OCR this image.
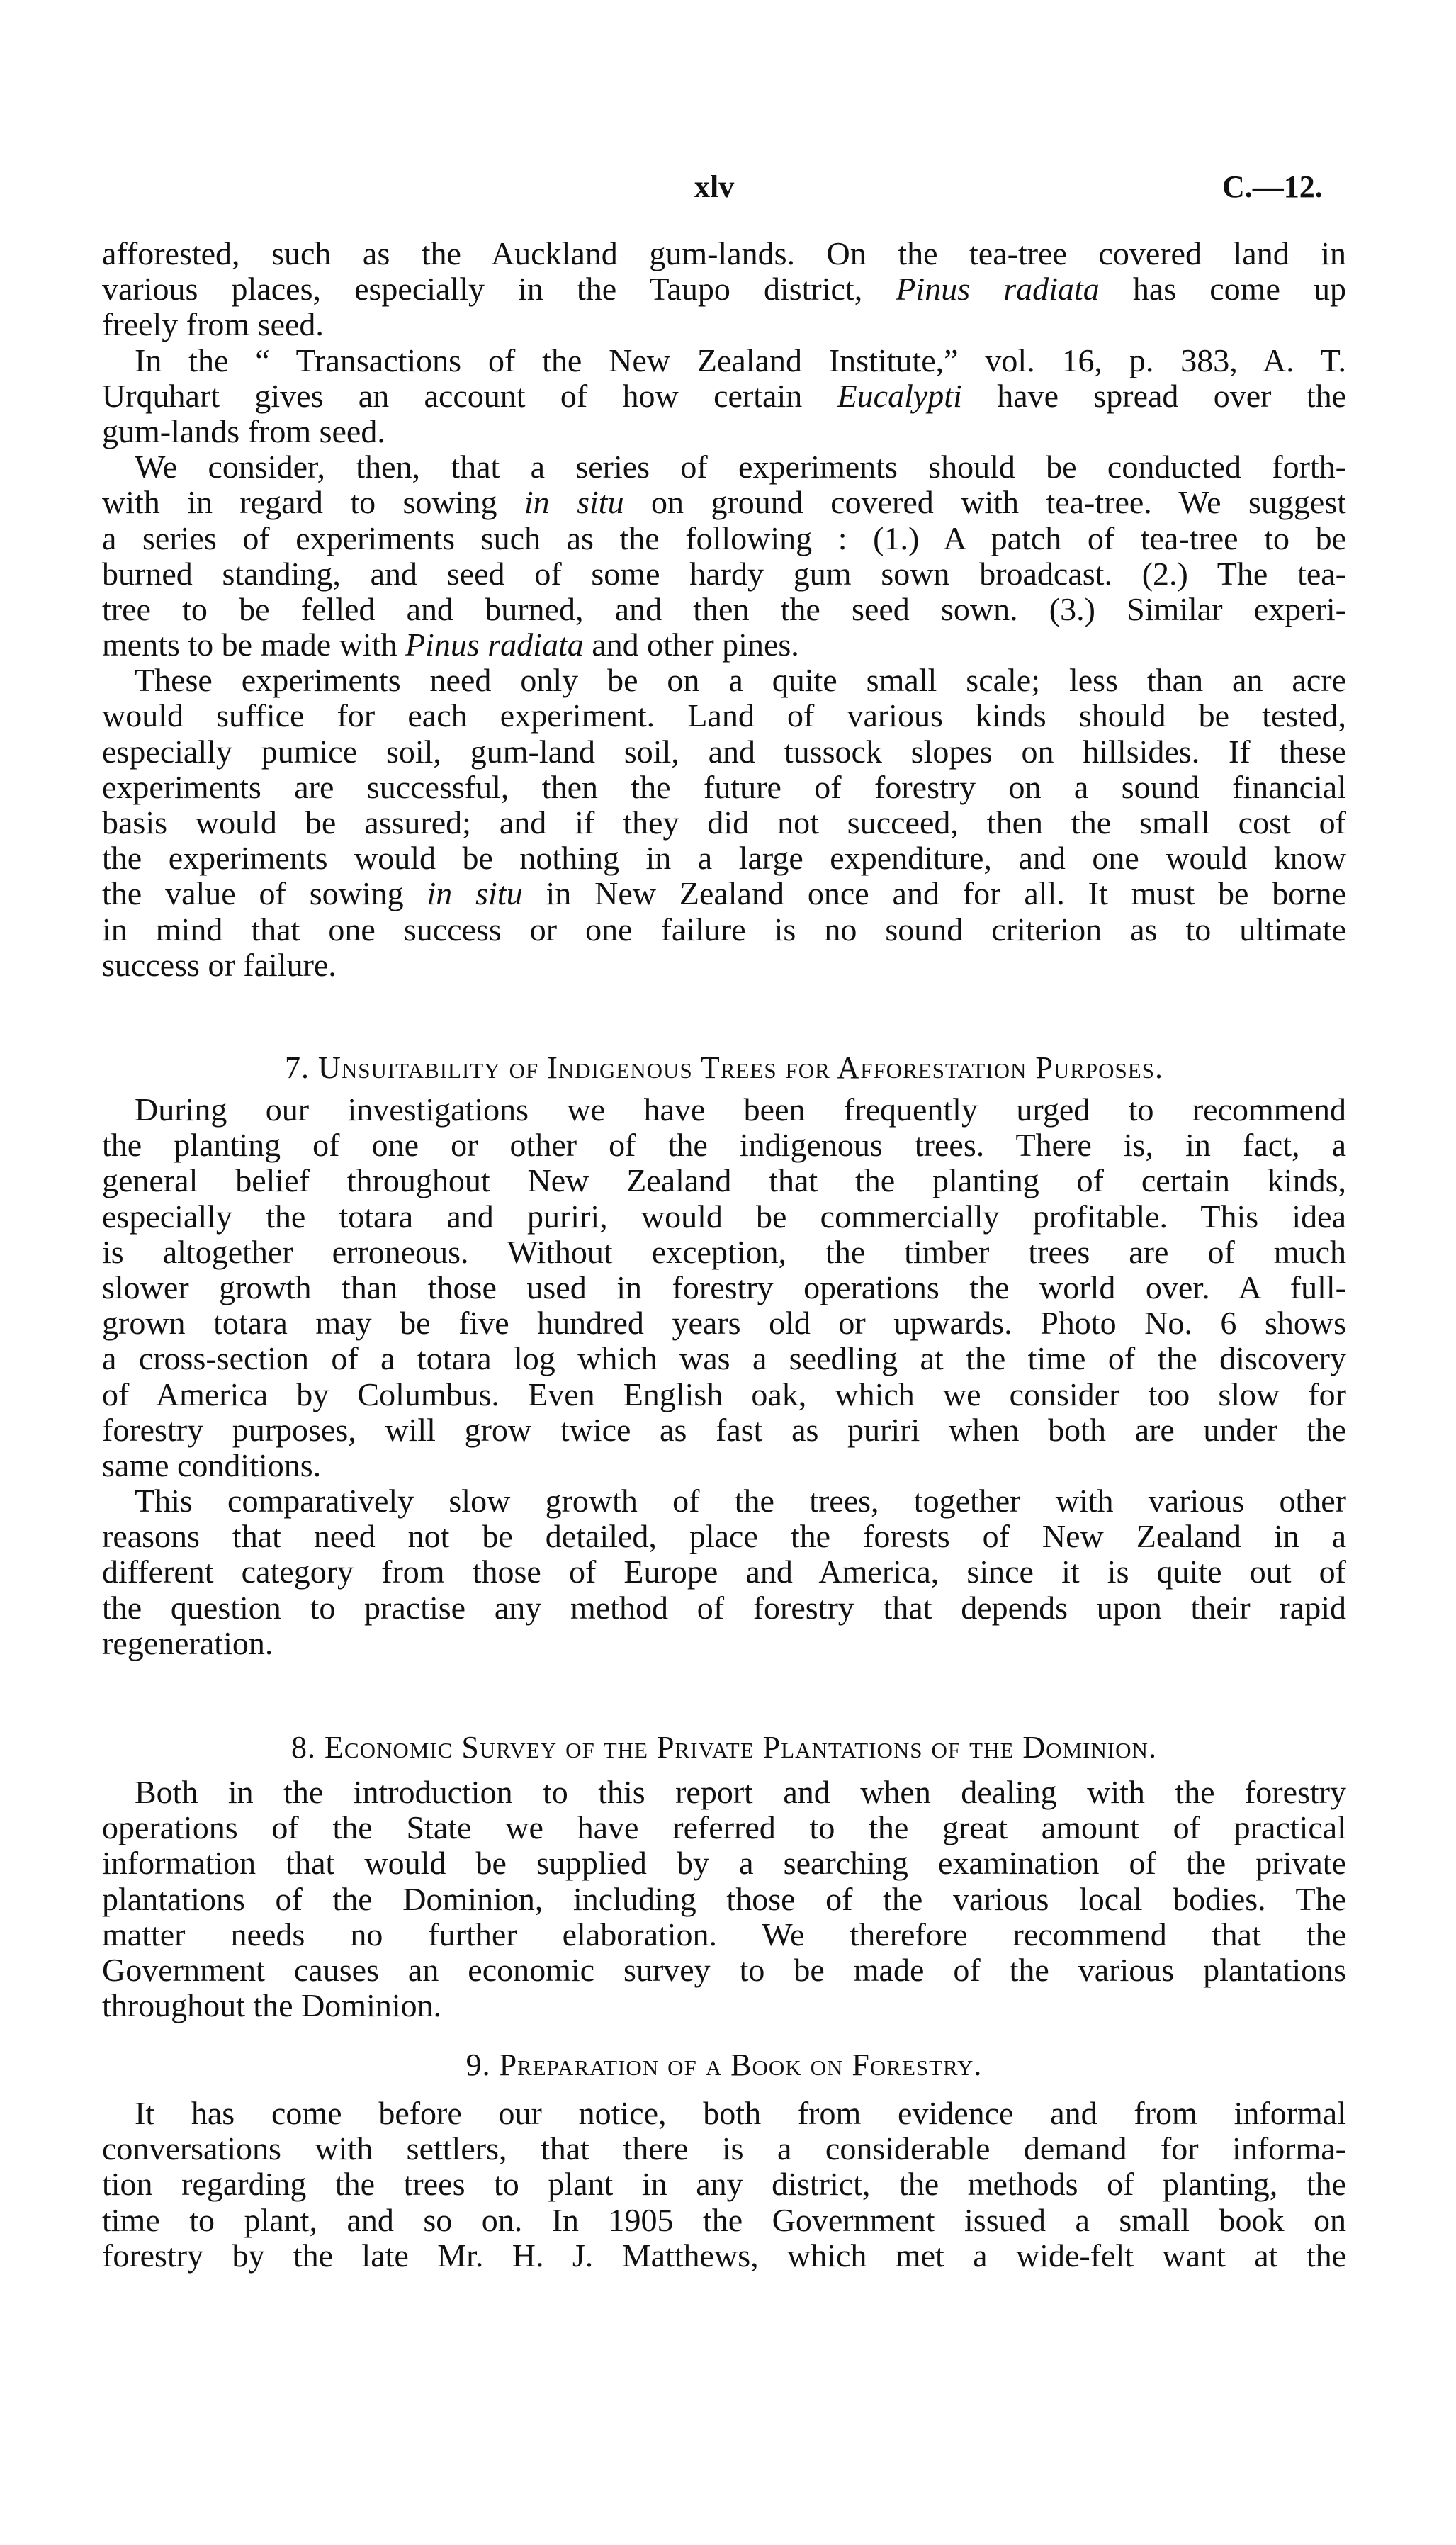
xlv	C.—12.
afforested, such as the Auckland gum-lands. On the tea-tree covered land in
various places, especially in the Taupo district, Pinus radiata has come up
freely from seed.
In the “ Transactions of the New Zealand Institute,” vol. 16, p. 383, A. T.
Urquhart gives an account of how certain Eucalypti have spread over the
gum-lands from seed.
We consider, then, that a series of experiments should be conducted forth-
with in regard to sowing in situ on ground covered with tea-tree. We suggest
a series of experiments such as the following : (1.) A patch of tea-tree to be
burned standing, and seed of some hardy gum sown broadcast. (2.) The tea-
tree to be felled and burned, and then the seed sown. (3.) Similar experi-
ments to be made with Pinus radiata and other pines.
These experiments need only be on a quite small scale; less than an acre
would suffice for each experiment. Land of various kinds should be tested,
especially pumice soil, gum-land soil, and tussock slopes on hillsides. If these
experiments are successful, then the future of forestry on a sound financial
basis would be assured; and if they did not succeed, then the small cost of
the experiments would be nothing in a large expenditure, and one would know
the value of sowing in situ in New Zealand once and for all. It must be borne
in mind that one success or one failure is no sound criterion as to ultimate
success or failure.
7. Unsuitability of Indigenous Trees for Afforestation Purposes.
During our investigations we have been frequently urged to recommend
the planting of one or other of the indigenous trees. There is, in fact, a
general belief throughout New Zealand that the planting of certain kinds,
especially the totara and puriri, would be commercially profitable. This idea
is altogether erroneous. Without exception, the timber trees are of much
slower growth than those used in forestry operations the world over. A full-
grown totara may be five hundred years old or upwards. Photo No. 6 shows
a cross-section of a totara log which was a seedling at the time of the discovery
of America by Columbus. Even English oak, which we consider too slow for
forestry purposes, will grow twice as fast as puriri when both are under the
same conditions.
This comparatively slow growth of the trees, together with various other
reasons that need not be detailed, place the forests of New Zealand in a
different category from those of Europe and America, since it is quite out of
the question to practise any method of forestry that depends upon their rapid
regeneration.
8. Economic Survey of the Private Plantations of the Dominion.
Both in the introduction to this report and when dealing with the forestry
operations of the State we have referred to the great amount of practical
information that would be supplied by a searching examination of the private
plantations of the Dominion, including those of the various local bodies. The
matter needs no further elaboration. We therefore recommend that the
Government causes an economic survey to be made of the various plantations
throughout the Dominion.
9. Preparation of a Book on Forestry.
It has come before our notice, both from evidence and from informal
conversations with settlers, that there is a considerable demand for informa-
tion regarding the trees to plant in any district, the methods of planting, the
time to plant, and so on. In 1905 the Government issued a small book on
forestry by the late Mr. H. J. Matthews, which met a wide-felt want at the
